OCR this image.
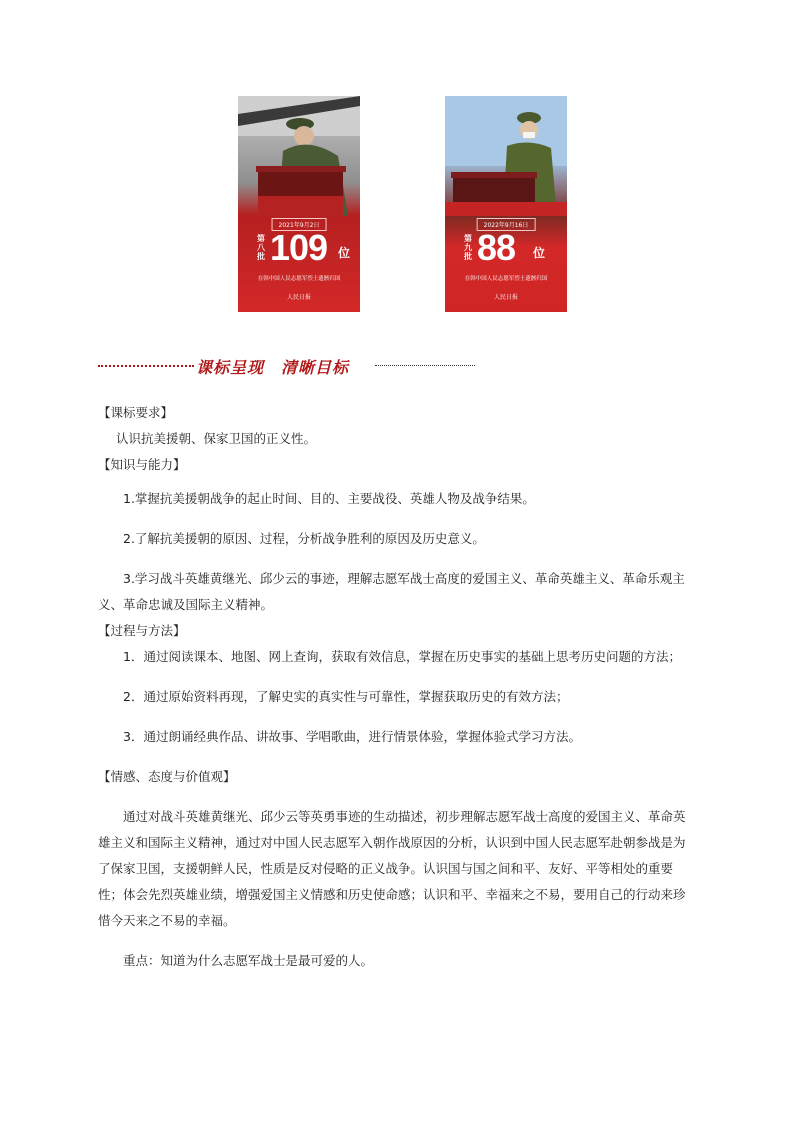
2021年9月2日
第八批 109 位
在韩中国人民志愿军烈士遗骸归国
人民日报
2022年9月16日
第九批 88 位
在韩中国人民志愿军烈士遗骸归国
人民日报
课标呈现　清晰目标

【课标要求】

认识抗美援朝、保家卫国的正义性。

【知识与能力】

1.掌握抗美援朝战争的起止时间、目的、主要战役、英雄人物及战争结果。

2.了解抗美援朝的原因、过程，分析战争胜利的原因及历史意义。

3.学习战斗英雄黄继光、邱少云的事迹，理解志愿军战士高度的爱国主义、革命英雄主义、革命乐观主义、革命忠诚及国际主义精神。

【过程与方法】

1．通过阅读课本、地图、网上查询，获取有效信息，掌握在历史事实的基础上思考历史问题的方法；

2．通过原始资料再现，了解史实的真实性与可靠性，掌握获取历史的有效方法；

3．通过朗诵经典作品、讲故事、学唱歌曲，进行情景体验，掌握体验式学习方法。

【情感、态度与价值观】

通过对战斗英雄黄继光、邱少云等英勇事迹的生动描述，初步理解志愿军战士高度的爱国主义、革命英雄主义和国际主义精神，通过对中国人民志愿军入朝作战原因的分析，认识到中国人民志愿军赴朝参战是为了保家卫国，支援朝鲜人民，性质是反对侵略的正义战争。认识国与国之间和平、友好、平等相处的重要性；体会先烈英雄业绩，增强爱国主义情感和历史使命感；认识和平、幸福来之不易，要用自己的行动来珍惜今天来之不易的幸福。

重点：知道为什么志愿军战士是最可爱的人。
